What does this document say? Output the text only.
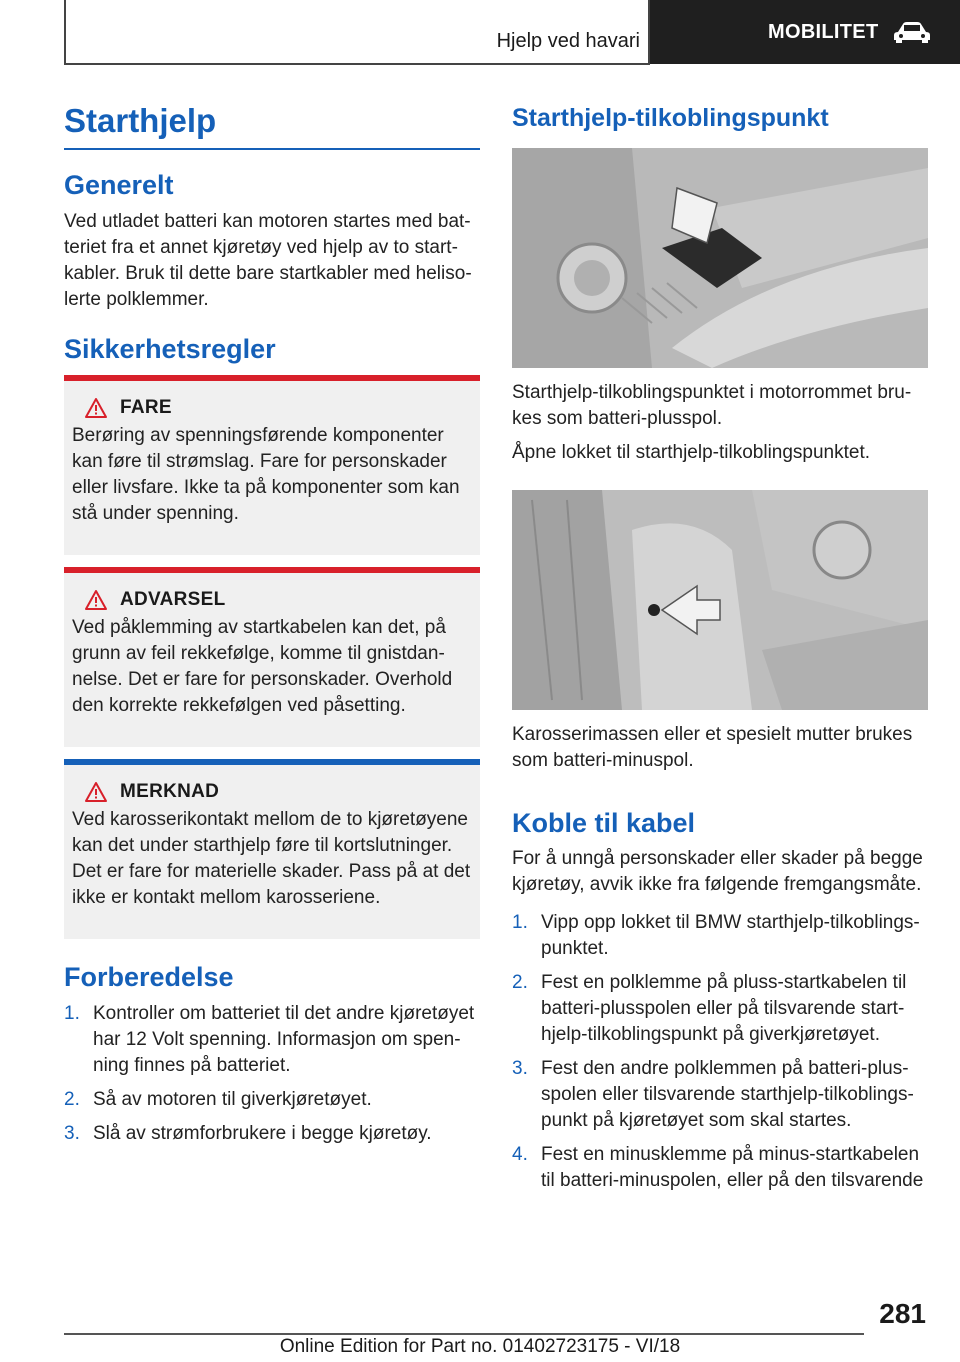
Hjelp ved havari	MOBILITET
Starthjelp
Generelt

Ved utladet batteri kan motoren startes med batteriet fra et annet kjøretøy ved hjelp av to startkabler. Bruk til dette bare startkabler med helisolerte polklemmer.

Sikkerhetsregler
FARE

Berøring av spenningsførende komponenter kan føre til strømslag. Fare for personskader eller livsfare. Ikke ta på komponenter som kan stå under spenning.

ADVARSEL

Ved påklemming av startkabelen kan det, på grunn av feil rekkefølge, komme til gnistdannelse. Det er fare for personskader. Overhold den korrekte rekkefølgen ved påsetting.

MERKNAD

Ved karosserikontakt mellom de to kjøretøyene kan det under starthjelp føre til kortslutninger. Det er fare for materielle skader. Pass på at det ikke er kontakt mellom karosseriene.

Forberedelse
1. Kontroller om batteriet til det andre kjøretøyet har 12 Volt spenning. Informasjon om spenning finnes på batteriet.
2. Så av motoren til giverkjøretøyet.
3. Slå av strømforbrukere i begge kjøretøy.
Starthjelp-tilkoblingspunkt

Starthjelp-tilkoblingspunktet i motorrommet brukes som batteri-plusspol.

Åpne lokket til starthjelp-tilkoblingspunktet.

Karosserimassen eller et spesielt mutter brukes som batteri-minuspol.

Koble til kabel

For å unngå personskader eller skader på begge kjøretøy, avvik ikke fra følgende fremgangsmåte.

1. Vipp opp lokket til BMW starthjelp-tilkoblingspunktet.
2. Fest en polklemme på pluss-startkabelen til batteri-plusspolen eller på tilsvarende starthjelp-tilkoblingspunkt på giverkjøretøyet.
3. Fest den andre polklemmen på batteri-plusspolen eller tilsvarende starthjelp-tilkoblingspunkt på kjøretøyet som skal startes.
4. Fest en minusklemme på minus-startkabelen til batteri-minuspolen, eller på den tilsvarende
281
Online Edition for Part no. 01402723175 - VI/18
